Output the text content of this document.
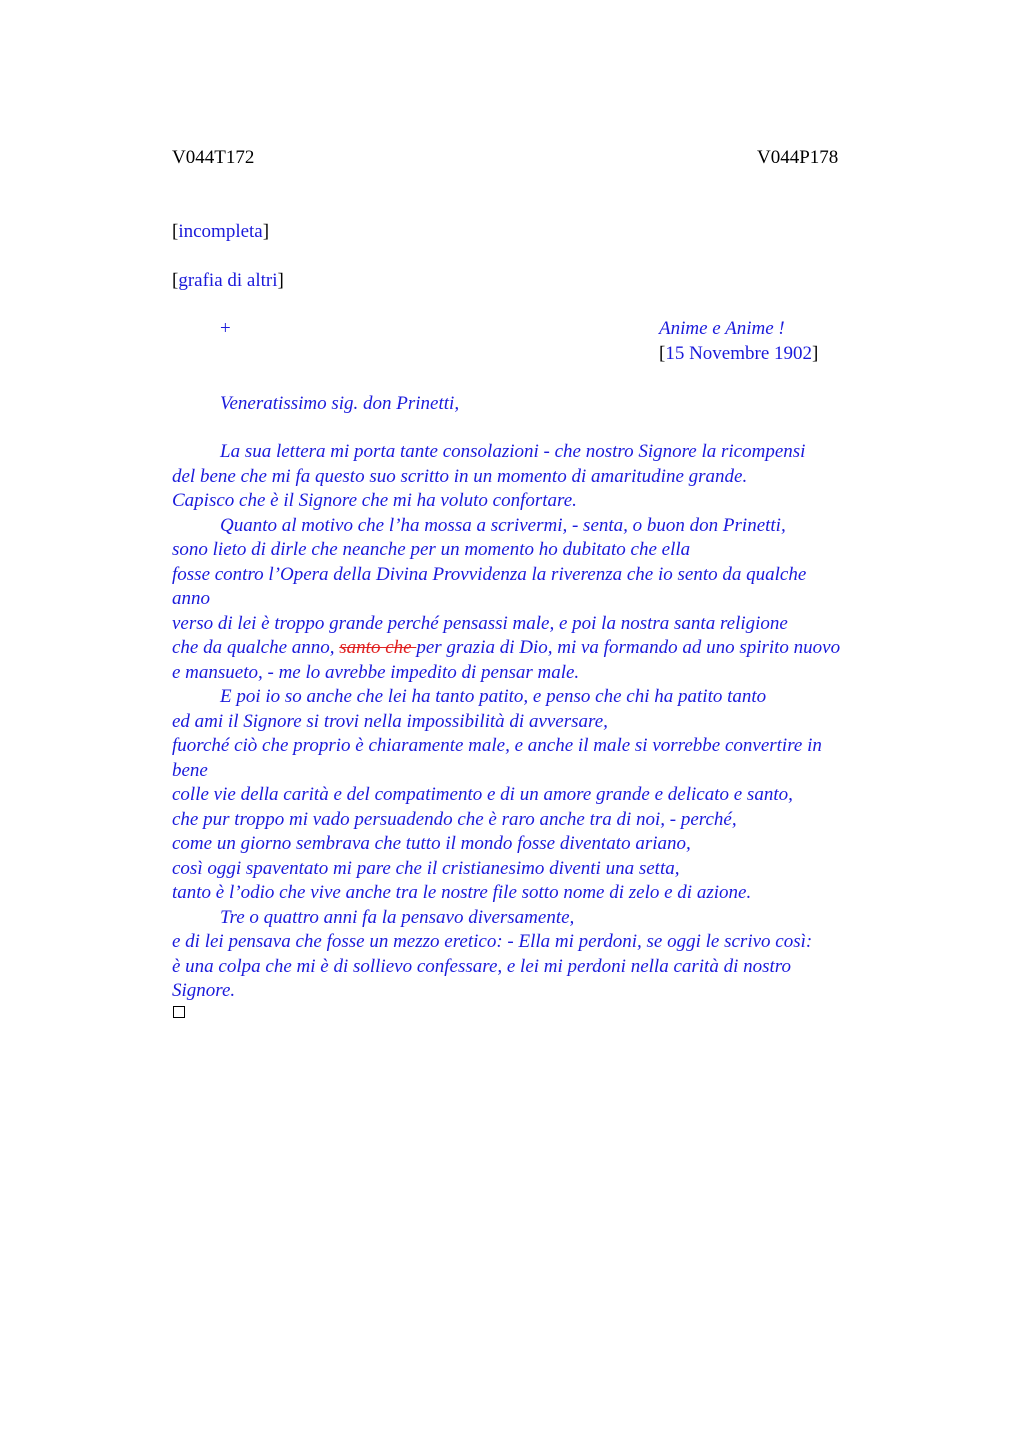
V044T172	V044P178
[incompleta]
[grafia di altri]
+	Anime e Anime !
[15 Novembre 1902]
Veneratissimo sig. don Prinetti,
La sua lettera mi porta tante consolazioni - che nostro Signore la ricompensi
del bene che mi fa questo suo scritto in un momento di amaritudine grande.
Capisco che è il Signore che mi ha voluto confortare.
Quanto al motivo che l’ha mossa a scrivermi, - senta, o buon don Prinetti,
sono lieto di dirle che neanche per un momento ho dubitato che ella
fosse contro l’Opera della Divina Provvidenza la riverenza che io sento da qualche
anno
verso di lei è troppo grande perché pensassi male, e poi la nostra santa religione
che da qualche anno, santo che per grazia di Dio, mi va formando ad uno spirito nuovo
e mansueto, - me lo avrebbe impedito di pensar male.
E poi io so anche che lei ha tanto patito, e penso che chi ha patito tanto
ed ami il Signore si trovi nella impossibilità di avversare,
fuorché ciò che proprio è chiaramente male, e anche il male si vorrebbe convertire in
bene
colle vie della carità e del compatimento e di un amore grande e delicato e santo,
che pur troppo mi vado persuadendo che è raro anche tra di noi, - perché,
come un giorno sembrava che tutto il mondo fosse diventato ariano,
così oggi spaventato mi pare che il cristianesimo diventi una setta,
tanto è l’odio che vive anche tra le nostre file sotto nome di zelo e di azione.
Tre o quattro anni fa la pensavo diversamente,
e di lei pensava che fosse un mezzo eretico: - Ella mi perdoni, se oggi le scrivo così:
è una colpa che mi è di sollievo confessare, e lei mi perdoni nella carità di nostro
Signore.
